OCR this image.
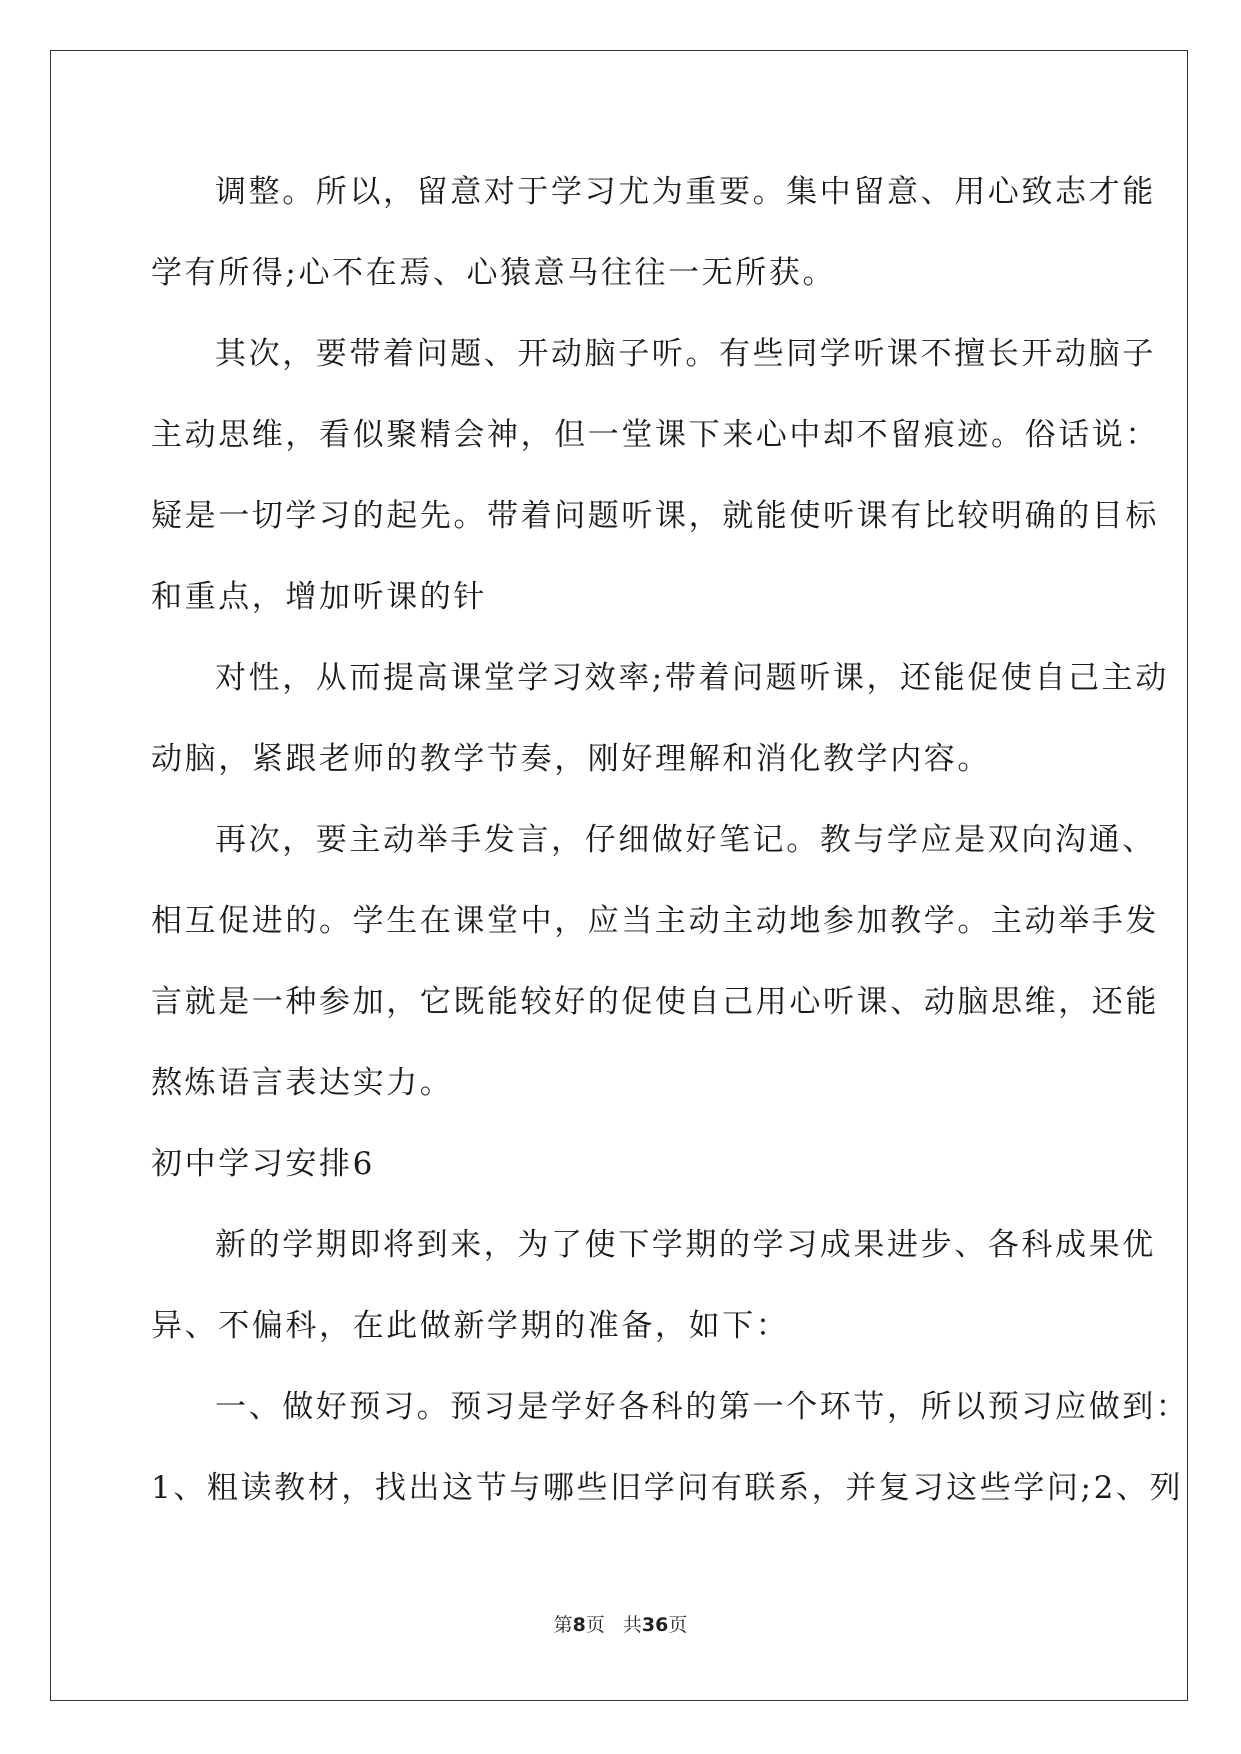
调整。所以，留意对于学习尤为重要。集中留意、用心致志才能
学有所得;心不在焉、心猿意马往往一无所获。
其次，要带着问题、开动脑子听。有些同学听课不擅长开动脑子
主动思维，看似聚精会神，但一堂课下来心中却不留痕迹。俗话说：
疑是一切学习的起先。带着问题听课，就能使听课有比较明确的目标
和重点，增加听课的针
对性，从而提高课堂学习效率;带着问题听课，还能促使自己主动
动脑，紧跟老师的教学节奏，刚好理解和消化教学内容。
再次，要主动举手发言，仔细做好笔记。教与学应是双向沟通、
相互促进的。学生在课堂中，应当主动主动地参加教学。主动举手发
言就是一种参加，它既能较好的促使自己用心听课、动脑思维，还能
熬炼语言表达实力。
初中学习安排6
新的学期即将到来，为了使下学期的学习成果进步、各科成果优
异、不偏科，在此做新学期的准备，如下：
一、做好预习。预习是学好各科的第一个环节，所以预习应做到：
1、粗读教材，找出这节与哪些旧学问有联系，并复习这些学问;2、列
第8页 共36页
